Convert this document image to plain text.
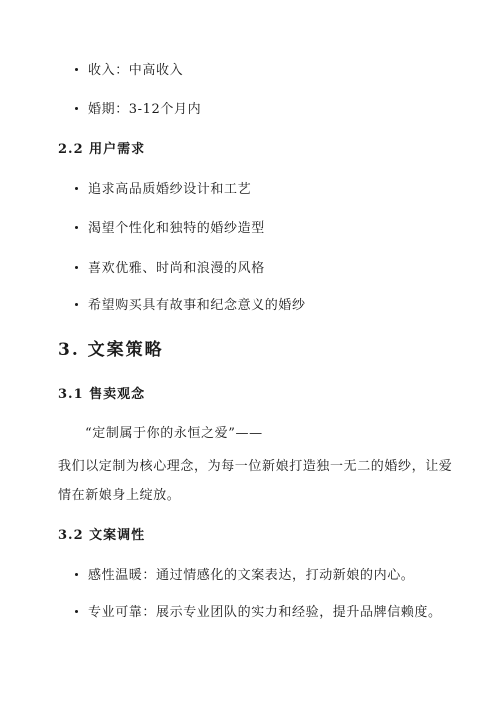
收入：中高收入
婚期：3-12个月内
2.2 用户需求
追求高品质婚纱设计和工艺
渴望个性化和独特的婚纱造型
喜欢优雅、时尚和浪漫的风格
希望购买具有故事和纪念意义的婚纱
3. 文案策略
3.1 售卖观念
“定制属于你的永恒之爱”——
我们以定制为核心理念，为每一位新娘打造独一无二的婚纱，让爱
情在新娘身上绽放。
3.2 文案调性
感性温暖：通过情感化的文案表达，打动新娘的内心。
专业可靠：展示专业团队的实力和经验，提升品牌信赖度。
